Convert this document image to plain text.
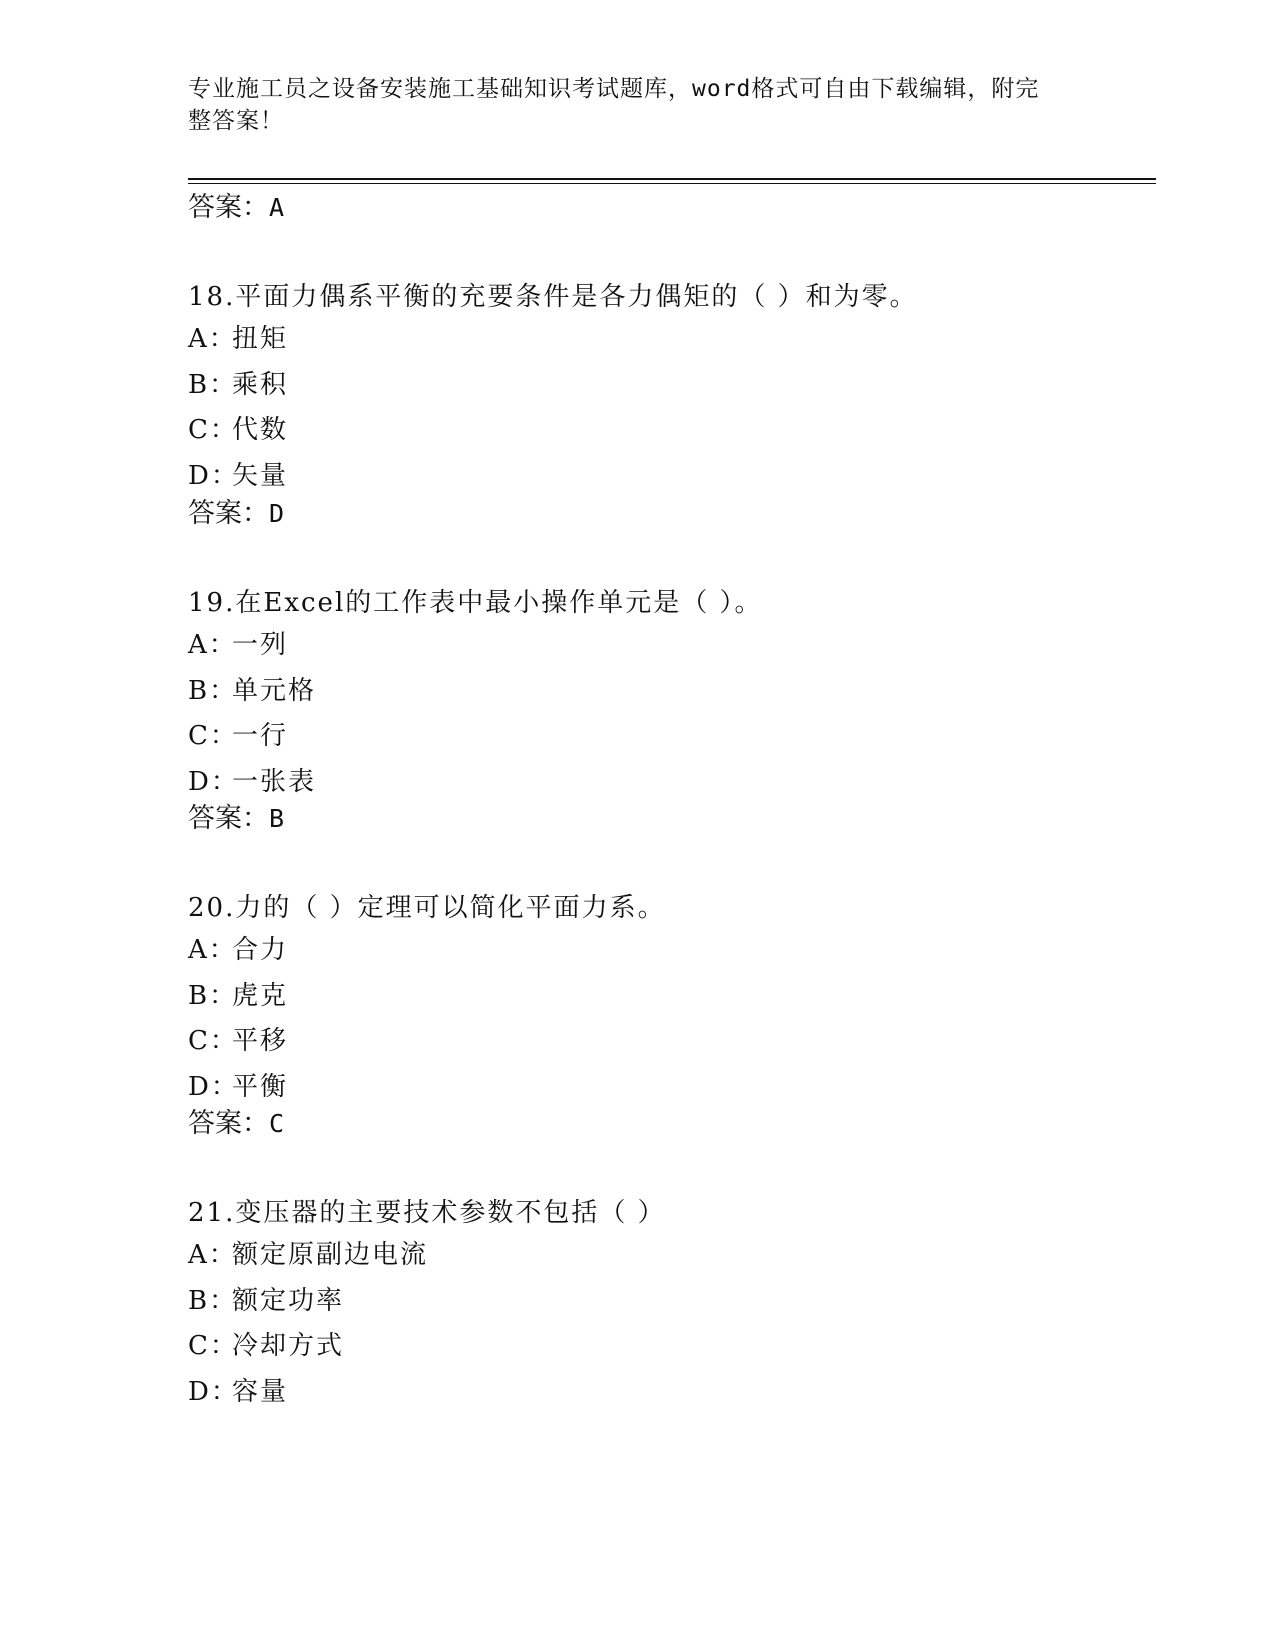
专业施工员之设备安装施工基础知识考试题库，word格式可自由下载编辑，附完
整答案！
答案：A
18.平面力偶系平衡的充要条件是各力偶矩的（ ）和为零。
A：扭矩
B：乘积
C：代数
D：矢量
答案：D
19.在Excel的工作表中最小操作单元是（ ）。
A：一列
B：单元格
C：一行
D：一张表
答案：B
20.力的（ ）定理可以简化平面力系。
A：合力
B：虎克
C：平移
D：平衡
答案：C
21.变压器的主要技术参数不包括（ ）
A：额定原副边电流
B：额定功率
C：冷却方式
D：容量
